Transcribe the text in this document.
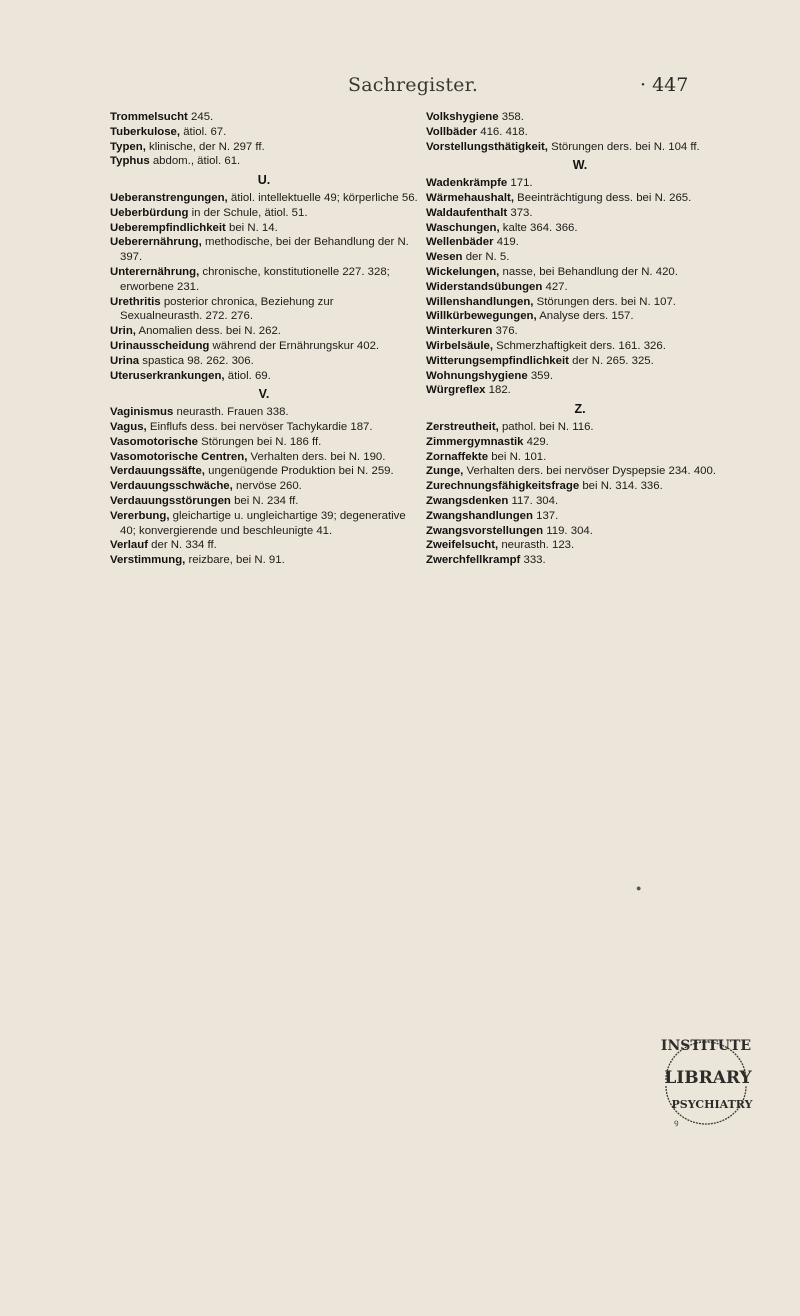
Sachregister.	· 447

Trommelsucht 245.

Tuberkulose, ätiol. 67.

Typen, klinische, der N. 297 ff.

Typhus abdom., ätiol. 61.

U.

Ueberanstrengungen, ätiol. intellektuelle 49; körperliche 56.

Ueberbürdung in der Schule, ätiol. 51.

Ueberempfindlichkeit bei N. 14.

Ueberernährung, methodische, bei der Behandlung der N. 397.

Unterernährung, chronische, konstitutionelle 227. 328; erworbene 231.

Urethritis posterior chronica, Beziehung zur Sexualneurasth. 272. 276.

Urin, Anomalien dess. bei N. 262.

Urinausscheidung während der Ernährungskur 402.

Urina spastica 98. 262. 306.

Uteruserkrankungen, ätiol. 69.

V.

Vaginismus neurasth. Frauen 338.

Vagus, Einflufs dess. bei nervöser Tachykardie 187.

Vasomotorische Störungen bei N. 186 ff.

Vasomotorische Centren, Verhalten ders. bei N. 190.

Verdauungssäfte, ungenügende Produktion bei N. 259.

Verdauungsschwäche, nervöse 260.

Verdauungsstörungen bei N. 234 ff.

Vererbung, gleichartige u. ungleichartige 39; degenerative 40; konvergierende und beschleunigte 41.

Verlauf der N. 334 ff.

Verstimmung, reizbare, bei N. 91.

Volkshygiene 358.

Vollbäder 416. 418.

Vorstellungsthätigkeit, Störungen ders. bei N. 104 ff.

W.

Wadenkrämpfe 171.

Wärmehaushalt, Beeinträchtigung dess. bei N. 265.

Waldaufenthalt 373.

Waschungen, kalte 364. 366.

Wellenbäder 419.

Wesen der N. 5.

Wickelungen, nasse, bei Behandlung der N. 420.

Widerstandsübungen 427.

Willenshandlungen, Störungen ders. bei N. 107.

Willkürbewegungen, Analyse ders. 157.

Winterkuren 376.

Wirbelsäule, Schmerzhaftigkeit ders. 161. 326.

Witterungsempfindlichkeit der N. 265. 325.

Wohnungshygiene 359.

Würgreflex 182.

Z.

Zerstreutheit, pathol. bei N. 116.

Zimmergymnastik 429.

Zornaffekte bei N. 101.

Zunge, Verhalten ders. bei nervöser Dyspepsie 234. 400.

Zurechnungsfähigkeitsfrage bei N. 314. 336.

Zwangsdenken 117. 304.

Zwangshandlungen 137.

Zwangsvorstellungen 119. 304.

Zweifelsucht, neurasth. 123.

Zwerchfellkrampf 333.

●
INSTITUTE
LIBRARY
PSYCHIATRY
ꝰ
